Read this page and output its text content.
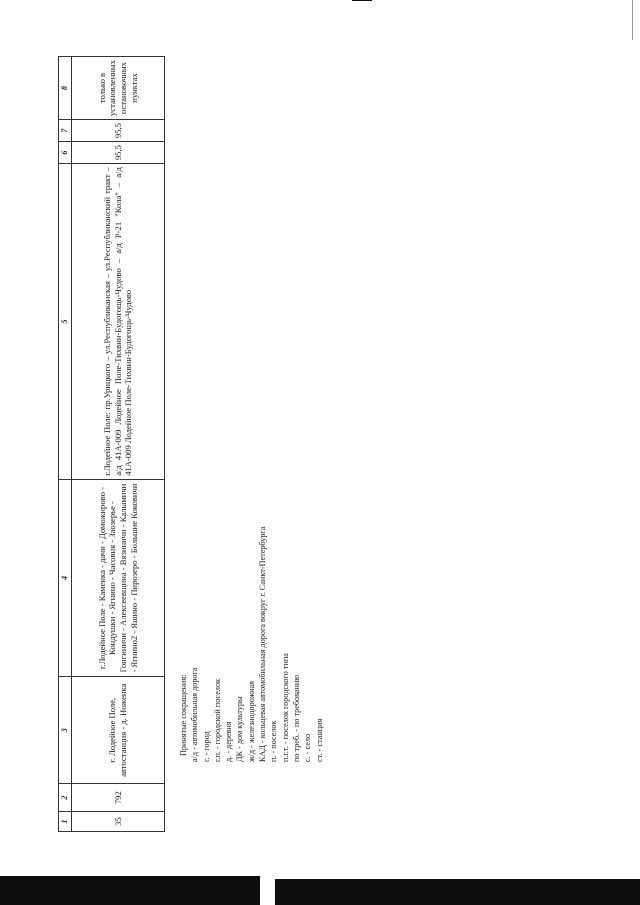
1	2	3	4	5	6	7	8
35	792	г. Лодейное Поле, автостанция - д. Ноженка	г.Лодейное Поле - Каменка - дачи - Доможирово - Кондушки - Ягнино - Часовня - Заозерье - Гонгиничи - Алексеевщина - Вязиничи - Калымичи - Ягнино2 - Яшино - Пирозеро - Большие Коковичи	г.Лодейное Поле: пр.Урицкого – ул.Республиканская – ул.Республиканский тракт – а/д 41А-009 Лодейное Поле-Тихвин-Будогощь-Чудово – а/д Р-21 "Кола" – а/д 41А-009 Лодейное Поле-Тихвин-Будогощь-Чудово	95,5	95,5	только в установленных остановочных пунктах
Принятые сокращения: а/д - автомобильная дорога г. - город г.п. - городской поселок д. - деревня ДК - дом культуры ж/д - железнодорожная КАД - кольцевая автомобильная дорога вокруг г. Санкт-Петербурга п. - поселок п.г.т. - поселок городского типа по треб. - по требованию с. - село ст. - станция
